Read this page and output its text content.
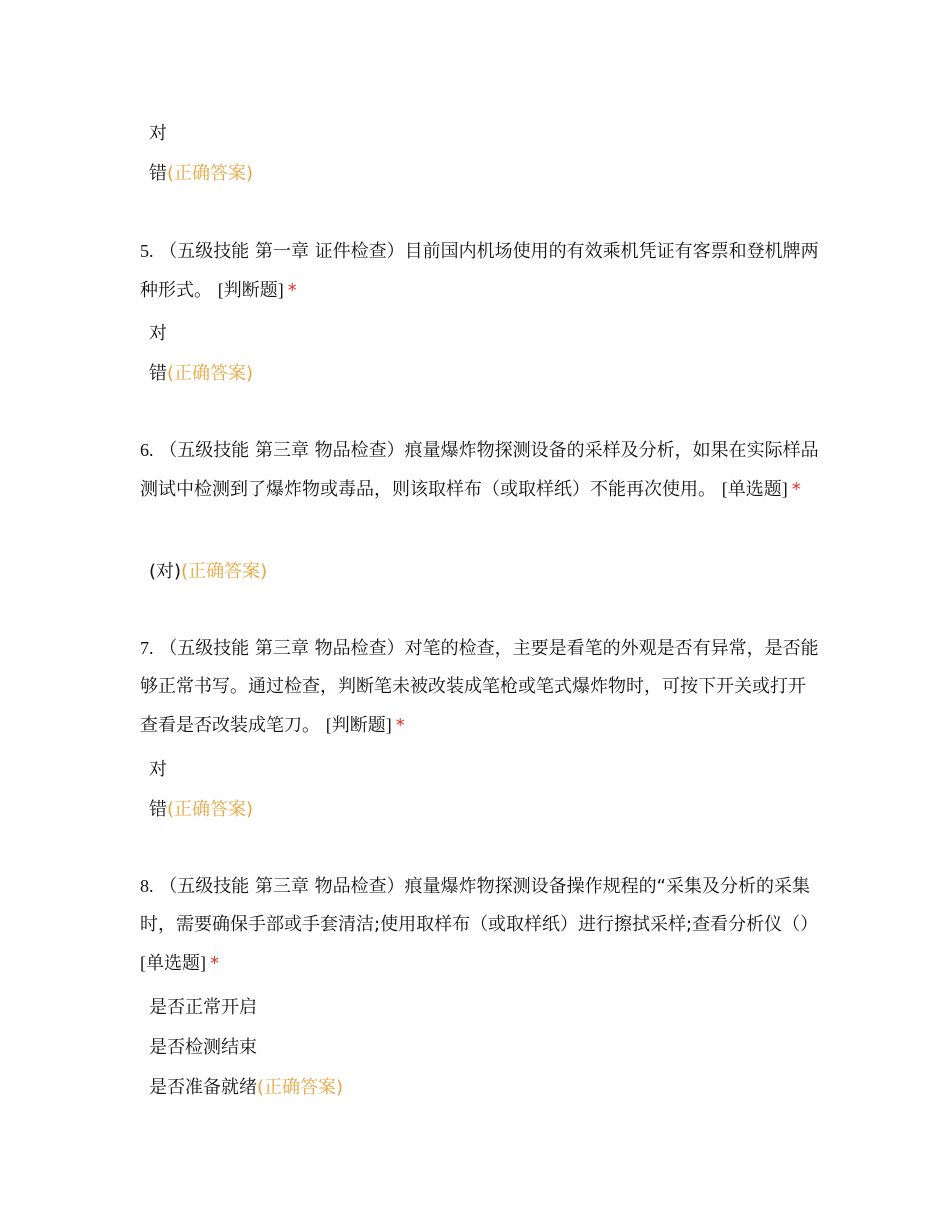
对
错(正确答案)
5. （五级技能 第一章 证件检查）目前国内机场使用的有效乘机凭证有客票和登机牌两种形式。 [判断题] *
对
错(正确答案)
6. （五级技能 第三章 物品检查）痕量爆炸物探测设备的采样及分析，如果在实际样品测试中检测到了爆炸物或毒品，则该取样布（或取样纸）不能再次使用。 [单选题] *
(对)(正确答案)
7. （五级技能 第三章 物品检查）对笔的检查，主要是看笔的外观是否有异常，是否能够正常书写。通过检查，判断笔未被改装成笔枪或笔式爆炸物时，可按下开关或打开查看是否改装成笔刀。 [判断题] *
对
错(正确答案)
8. （五级技能 第三章 物品检查）痕量爆炸物探测设备操作规程的“采集及分析的采集时，需要确保手部或手套清洁;使用取样布（或取样纸）进行擦拭采样;查看分析仪（） [单选题] *
是否正常开启
是否检测结束
是否准备就绪(正确答案)
